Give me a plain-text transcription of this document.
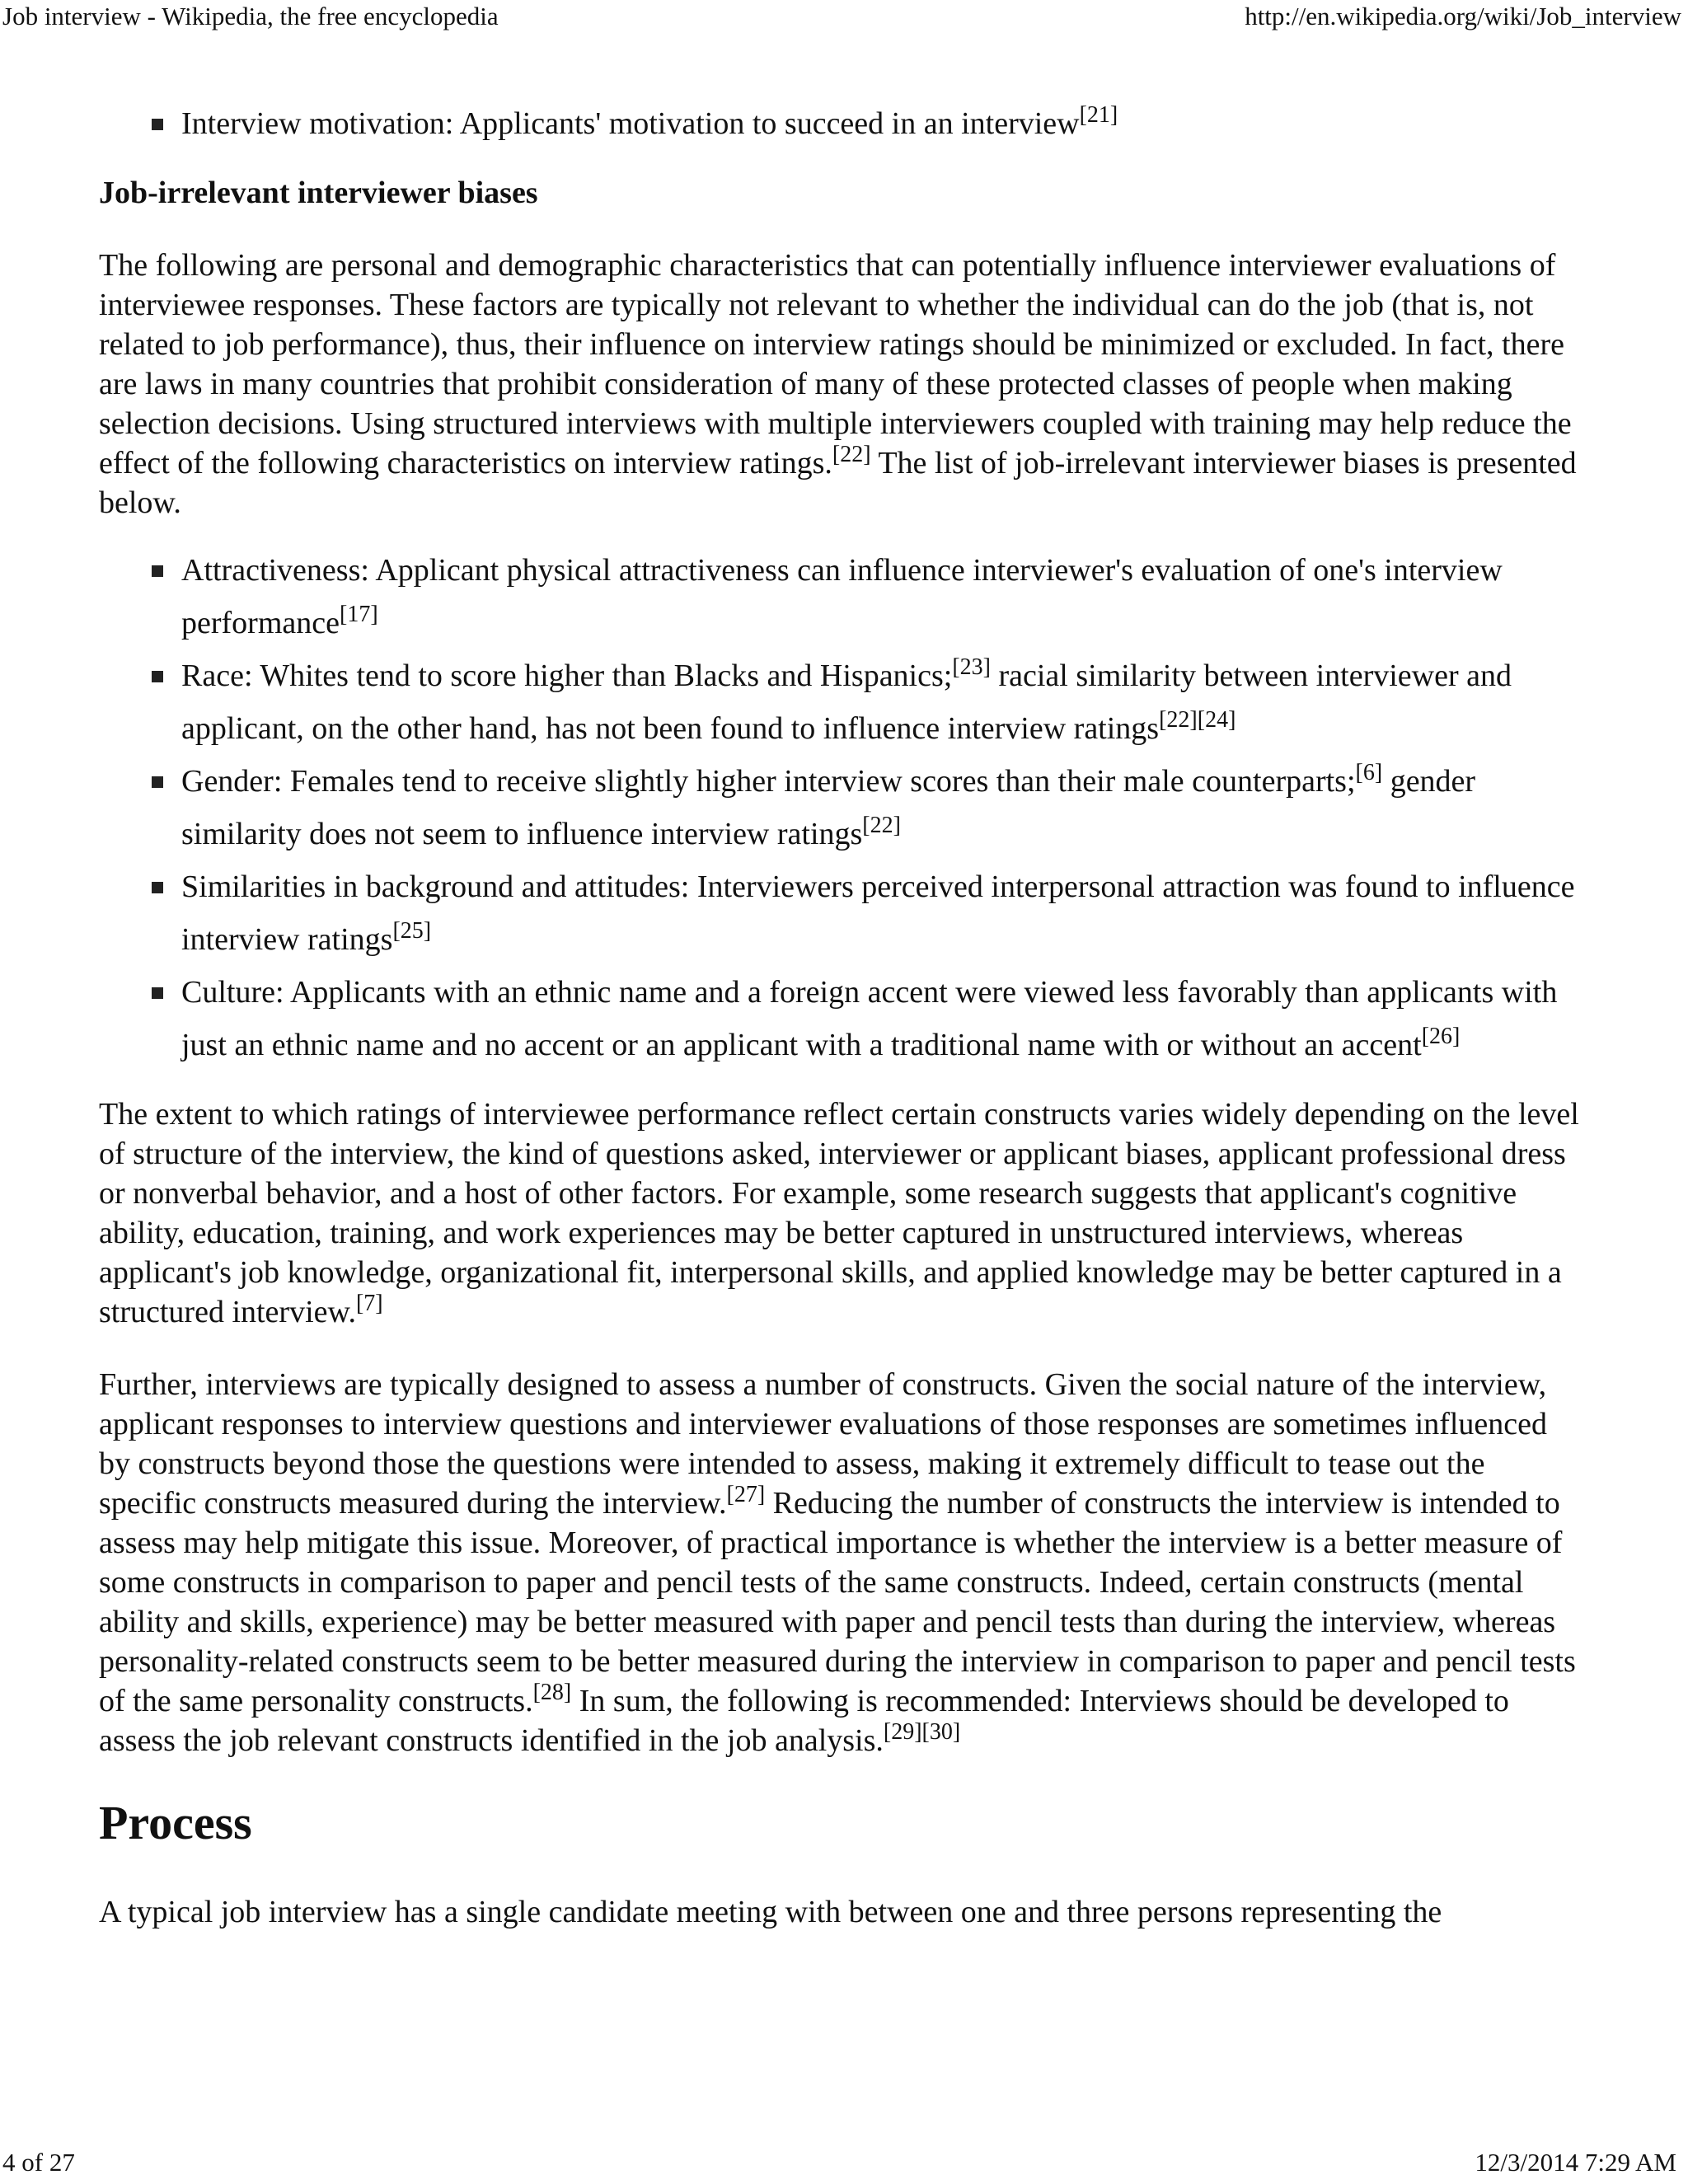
Job interview - Wikipedia, the free encyclopedia	http://en.wikipedia.org/wiki/Job_interview
Interview motivation: Applicants' motivation to succeed in an interview[21]
Job-irrelevant interviewer biases

The following are personal and demographic characteristics that can potentially influence interviewer evaluations of interviewee responses. These factors are typically not relevant to whether the individual can do the job (that is, not related to job performance), thus, their influence on interview ratings should be minimized or excluded. In fact, there are laws in many countries that prohibit consideration of many of these protected classes of people when making selection decisions. Using structured interviews with multiple interviewers coupled with training may help reduce the effect of the following characteristics on interview ratings.[22] The list of job-irrelevant interviewer biases is presented below.

Attractiveness: Applicant physical attractiveness can influence interviewer's evaluation of one's interview performance[17]
Race: Whites tend to score higher than Blacks and Hispanics;[23] racial similarity between interviewer and applicant, on the other hand, has not been found to influence interview ratings[22][24]
Gender: Females tend to receive slightly higher interview scores than their male counterparts;[6] gender similarity does not seem to influence interview ratings[22]
Similarities in background and attitudes: Interviewers perceived interpersonal attraction was found to influence interview ratings[25]
Culture: Applicants with an ethnic name and a foreign accent were viewed less favorably than applicants with just an ethnic name and no accent or an applicant with a traditional name with or without an accent[26]

The extent to which ratings of interviewee performance reflect certain constructs varies widely depending on the level of structure of the interview, the kind of questions asked, interviewer or applicant biases, applicant professional dress or nonverbal behavior, and a host of other factors. For example, some research suggests that applicant's cognitive ability, education, training, and work experiences may be better captured in unstructured interviews, whereas applicant's job knowledge, organizational fit, interpersonal skills, and applied knowledge may be better captured in a structured interview.[7]

Further, interviews are typically designed to assess a number of constructs. Given the social nature of the interview, applicant responses to interview questions and interviewer evaluations of those responses are sometimes influenced by constructs beyond those the questions were intended to assess, making it extremely difficult to tease out the specific constructs measured during the interview.[27] Reducing the number of constructs the interview is intended to assess may help mitigate this issue. Moreover, of practical importance is whether the interview is a better measure of some constructs in comparison to paper and pencil tests of the same constructs. Indeed, certain constructs (mental ability and skills, experience) may be better measured with paper and pencil tests than during the interview, whereas personality-related constructs seem to be better measured during the interview in comparison to paper and pencil tests of the same personality constructs.[28] In sum, the following is recommended: Interviews should be developed to assess the job relevant constructs identified in the job analysis.[29][30]

Process

A typical job interview has a single candidate meeting with between one and three persons representing the

4 of 27	12/3/2014 7:29 AM
